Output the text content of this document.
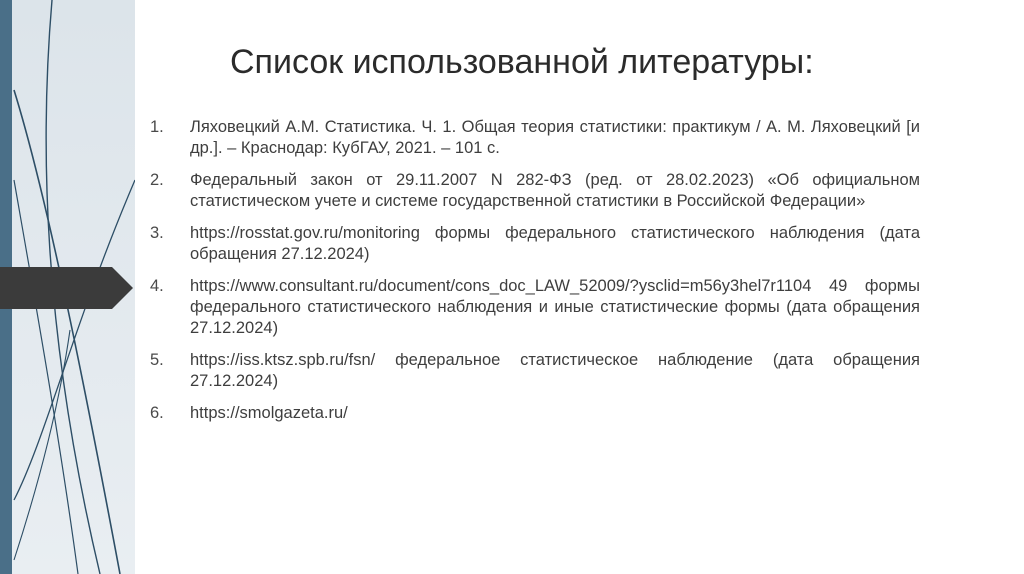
Список использованной литературы:
1.	Ляховецкий А.М. Статистика. Ч. 1. Общая теория статистики: практикум / А. М. Ляховецкий [и др.]. – Краснодар: КубГАУ, 2021. – 101 с.
2.	Федеральный закон от 29.11.2007 N 282-ФЗ (ред. от 28.02.2023) «Об официальном статистическом учете и системе государственной статистики в Российской Федерации»
3.	https://rosstat.gov.ru/monitoring формы федерального статистического наблюдения (дата обращения 27.12.2024)
4.	https://www.consultant.ru/document/cons_doc_LAW_52009/?ysclid=m56y3hel7r1104 49 формы федерального статистического наблюдения и иные статистические формы (дата обращения 27.12.2024)
5.	https://iss.ktsz.spb.ru/fsn/ федеральное статистическое наблюдение (дата обращения 27.12.2024)
6.	https://smolgazeta.ru/
